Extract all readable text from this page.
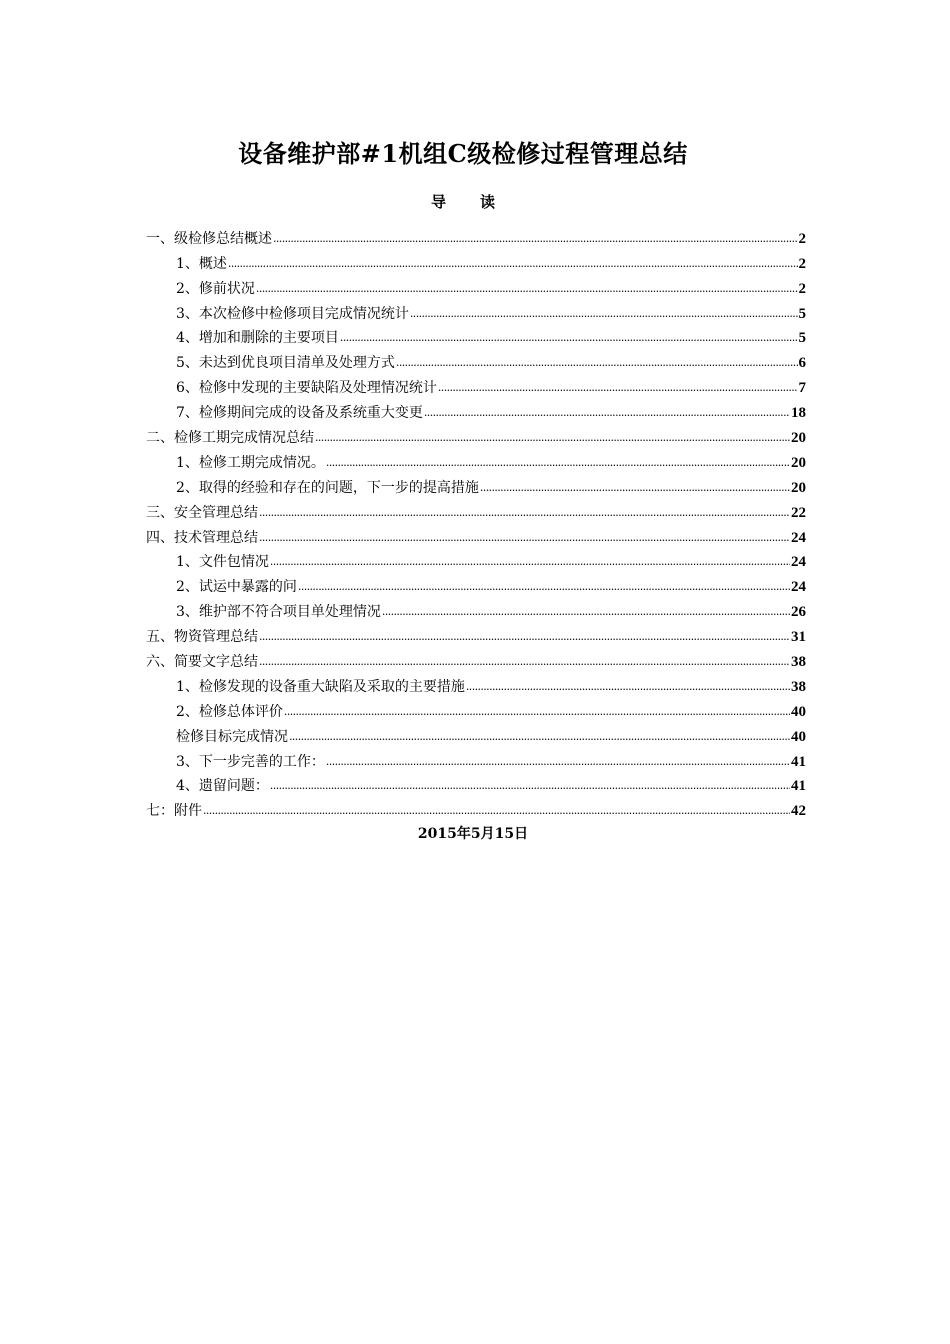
设备维护部#1机组C级检修过程管理总结
导读
一、级检修总结概述 .....	2
1、概述 .....	2
2、修前状况 .....	2
3、本次检修中检修项目完成情况统计 .....	5
4、增加和删除的主要项目 .....	5
5、未达到优良项目清单及处理方式 .....	6
6、检修中发现的主要缺陷及处理情况统计 .....	7
7、检修期间完成的设备及系统重大变更 .....	18
二、检修工期完成情况总结 .....	20
1、检修工期完成情况。 .....	20
2、取得的经验和存在的问题，下一步的提高措施 .....	20
三、安全管理总结 .....	22
四、技术管理总结 .....	24
1、文件包情况 .....	24
2、试运中暴露的问 .....	24
3、维护部不符合项目单处理情况 .....	26
五、物资管理总结 .....	31
六、简要文字总结 .....	38
1、检修发现的设备重大缺陷及采取的主要措施 .....	38
2、检修总体评价 .....	40
检修目标完成情况 .....	40
3、下一步完善的工作： .....	41
4、遗留问题： .....	41
七：附件 .....	42
2015年5月15日
